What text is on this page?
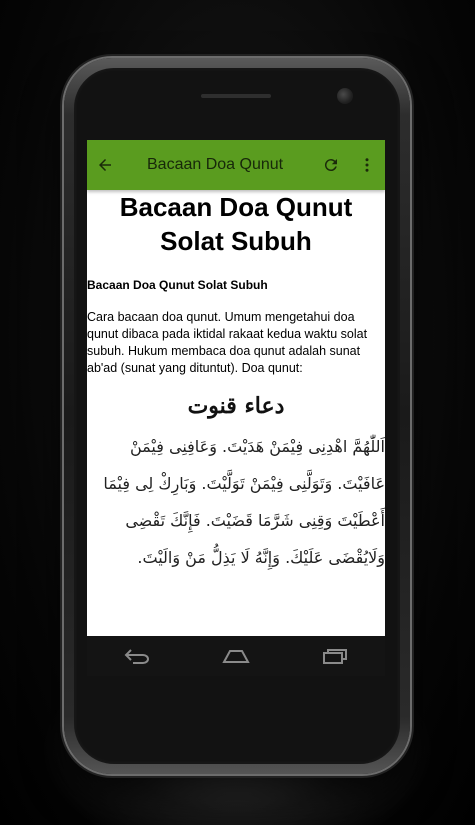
Bacaan Doa Qunut
Bacaan Doa Qunut
Solat Subuh
Bacaan Doa Qunut Solat Subuh
Cara bacaan doa qunut. Umum mengetahui doa qunut dibaca pada iktidal rakaat kedua waktu solat subuh. Hukum membaca doa qunut adalah sunat ab'ad (sunat yang dituntut). Doa qunut:
دعاء قنوت
اَللّٰهُمَّ اهْدِنِى فِيْمَنْ هَدَيْتَ. وَعَافِنِى فِيْمَنْ
عَافَيْتَ. وَتَوَلَّنِى فِيْمَنْ تَوَلَّيْتَ. وَبَارِكْ لِى فِيْمَا
أَعْطَيْتَ وَقِنِى شَرَّمَا قَضَيْتَ. فَإِنَّكَ تَقْضِى
وَلَايُقْضَى عَلَيْكَ. وَإِنَّهُ لَا يَذِلُّ مَنْ وَالَيْتَ.
